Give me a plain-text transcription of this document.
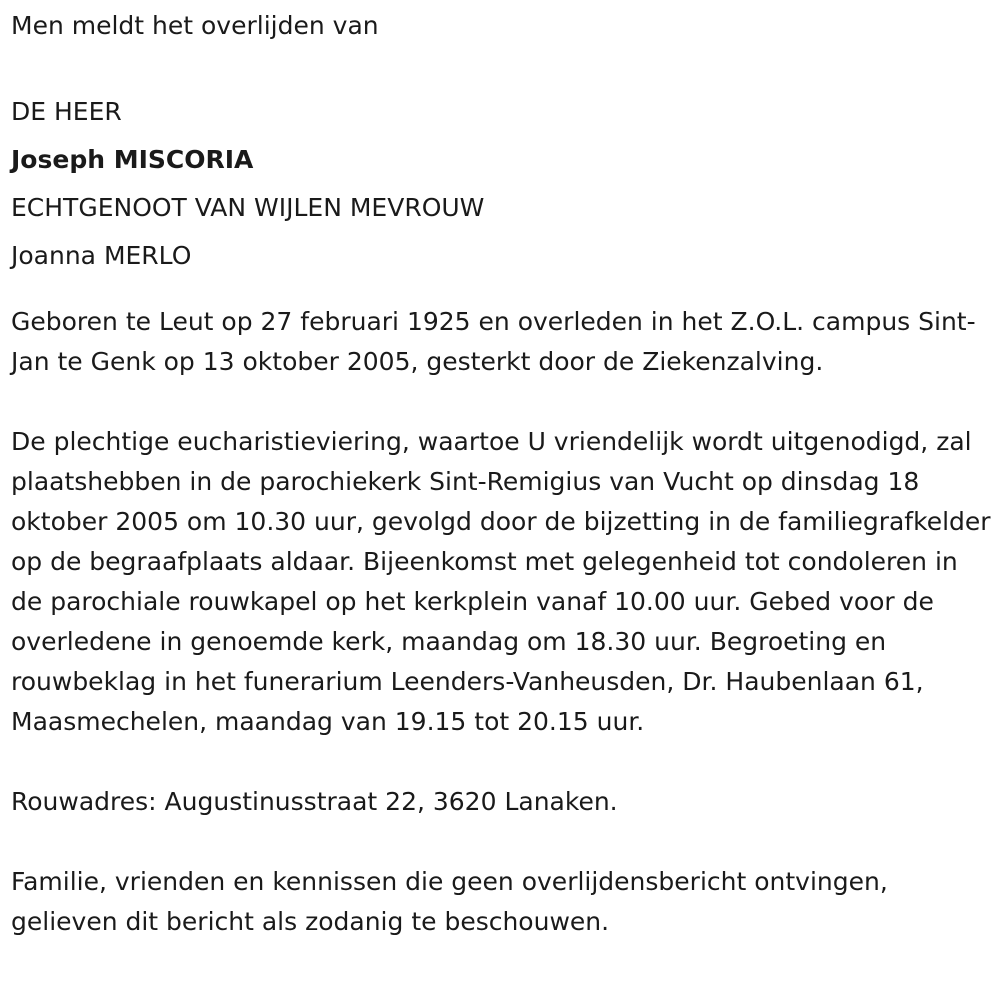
Men meldt het overlijden van

DE HEER

Joseph MISCORIA

ECHTGENOOT VAN WIJLEN MEVROUW

Joanna MERLO

Geboren te Leut op 27 februari 1925 en overleden in het Z.O.L. campus Sint-Jan te Genk op 13 oktober 2005, gesterkt door de Ziekenzalving.

De plechtige eucharistieviering, waartoe U vriendelijk wordt uitgenodigd, zal plaatshebben in de parochiekerk Sint-Remigius van Vucht op dinsdag 18 oktober 2005 om 10.30 uur, gevolgd door de bijzetting in de familiegrafkelder op de begraafplaats aldaar. Bijeenkomst met gelegenheid tot condoleren in de parochiale rouwkapel op het kerkplein vanaf 10.00 uur. Gebed voor de overledene in genoemde kerk, maandag om 18.30 uur. Begroeting en rouwbeklag in het funerarium Leenders-Vanheusden, Dr. Haubenlaan 61, Maasmechelen, maandag van 19.15 tot 20.15 uur.

Rouwadres: Augustinusstraat 22, 3620 Lanaken.

Familie, vrienden en kennissen die geen overlijdensbericht ontvingen, gelieven dit bericht als zodanig te beschouwen.
